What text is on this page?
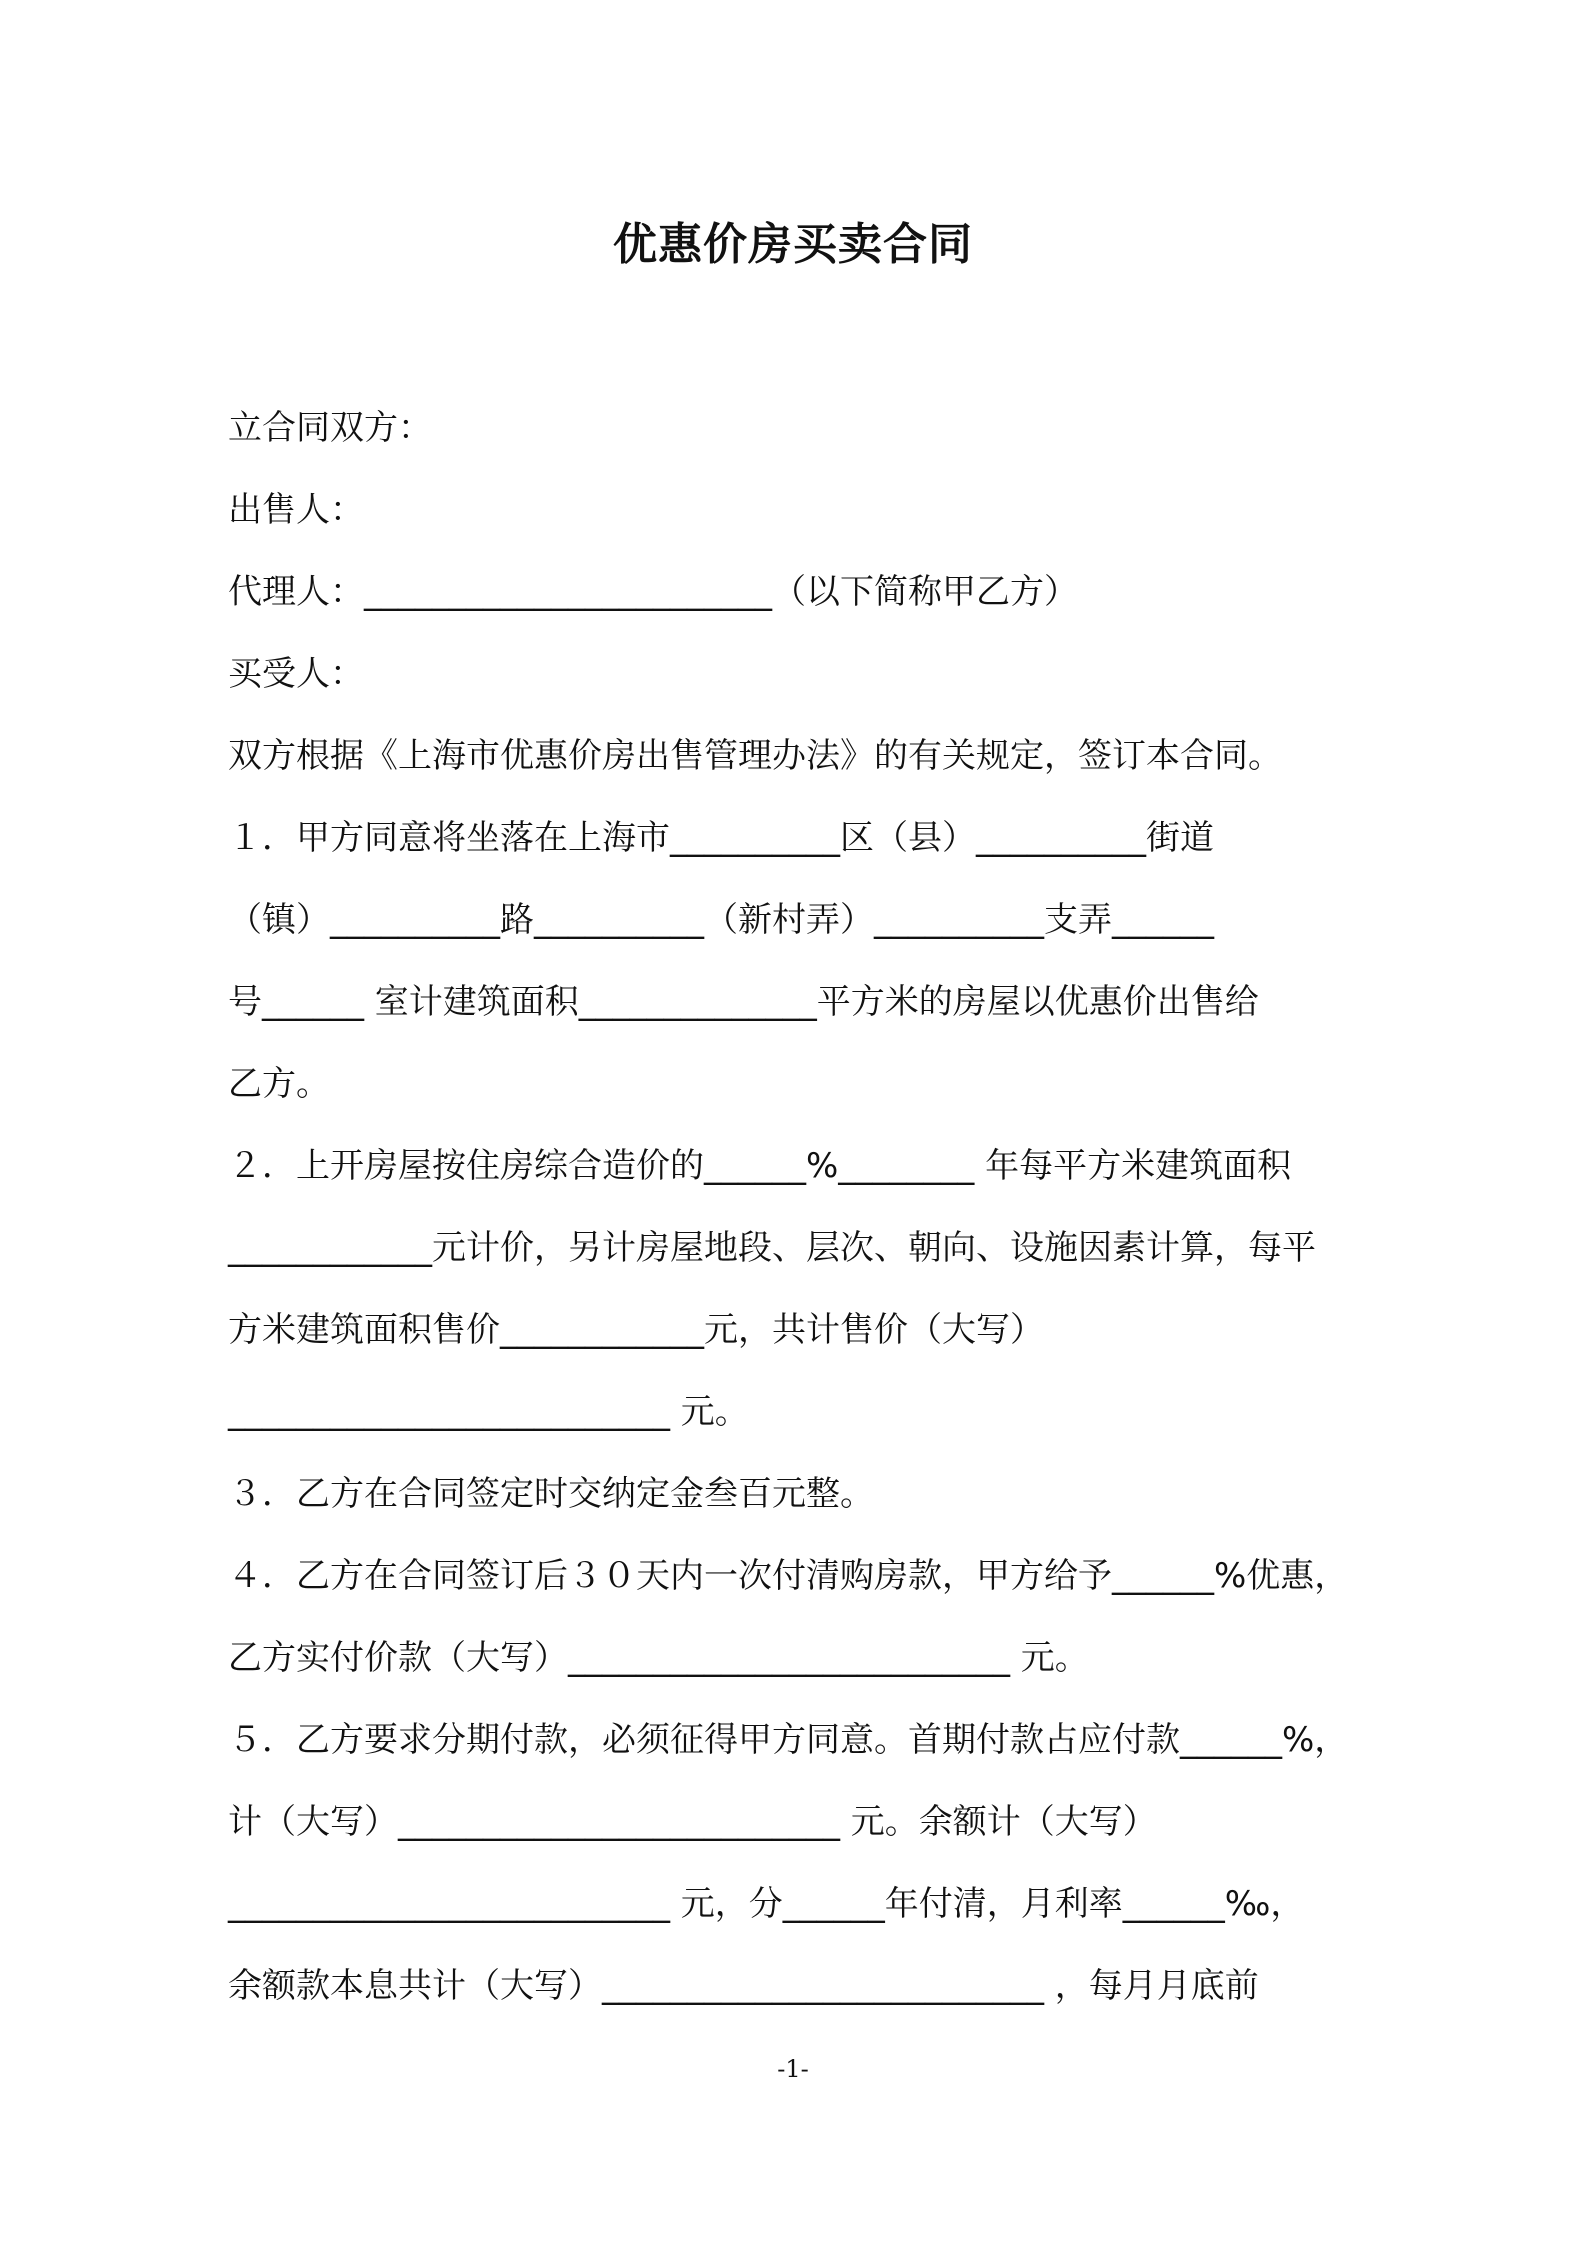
优惠价房买卖合同
立合同双方：
出售人：
代理人：________________________（以下简称甲乙方）
买受人：
双方根据《上海市优惠价房出售管理办法》的有关规定，签订本合同。
１．甲方同意将坐落在上海市__________区（县）__________街道
（镇）__________路__________（新村弄）__________支弄______
号______ 室计建筑面积______________平方米的房屋以优惠价出售给
乙方。
２．上开房屋按住房综合造价的______%________ 年每平方米建筑面积
____________元计价，另计房屋地段、层次、朝向、设施因素计算，每平
方米建筑面积售价____________元，共计售价（大写）
__________________________ 元。
３．乙方在合同签定时交纳定金叁百元整。
４．乙方在合同签订后３０天内一次付清购房款，甲方给予______%优惠，
乙方实付价款（大写）__________________________ 元。
５．乙方要求分期付款，必须征得甲方同意。首期付款占应付款______%，
计（大写）__________________________ 元。余额计（大写）
__________________________ 元，分______年付清，月利率______‰，
余额款本息共计（大写）__________________________ ，每月月底前
-1-
